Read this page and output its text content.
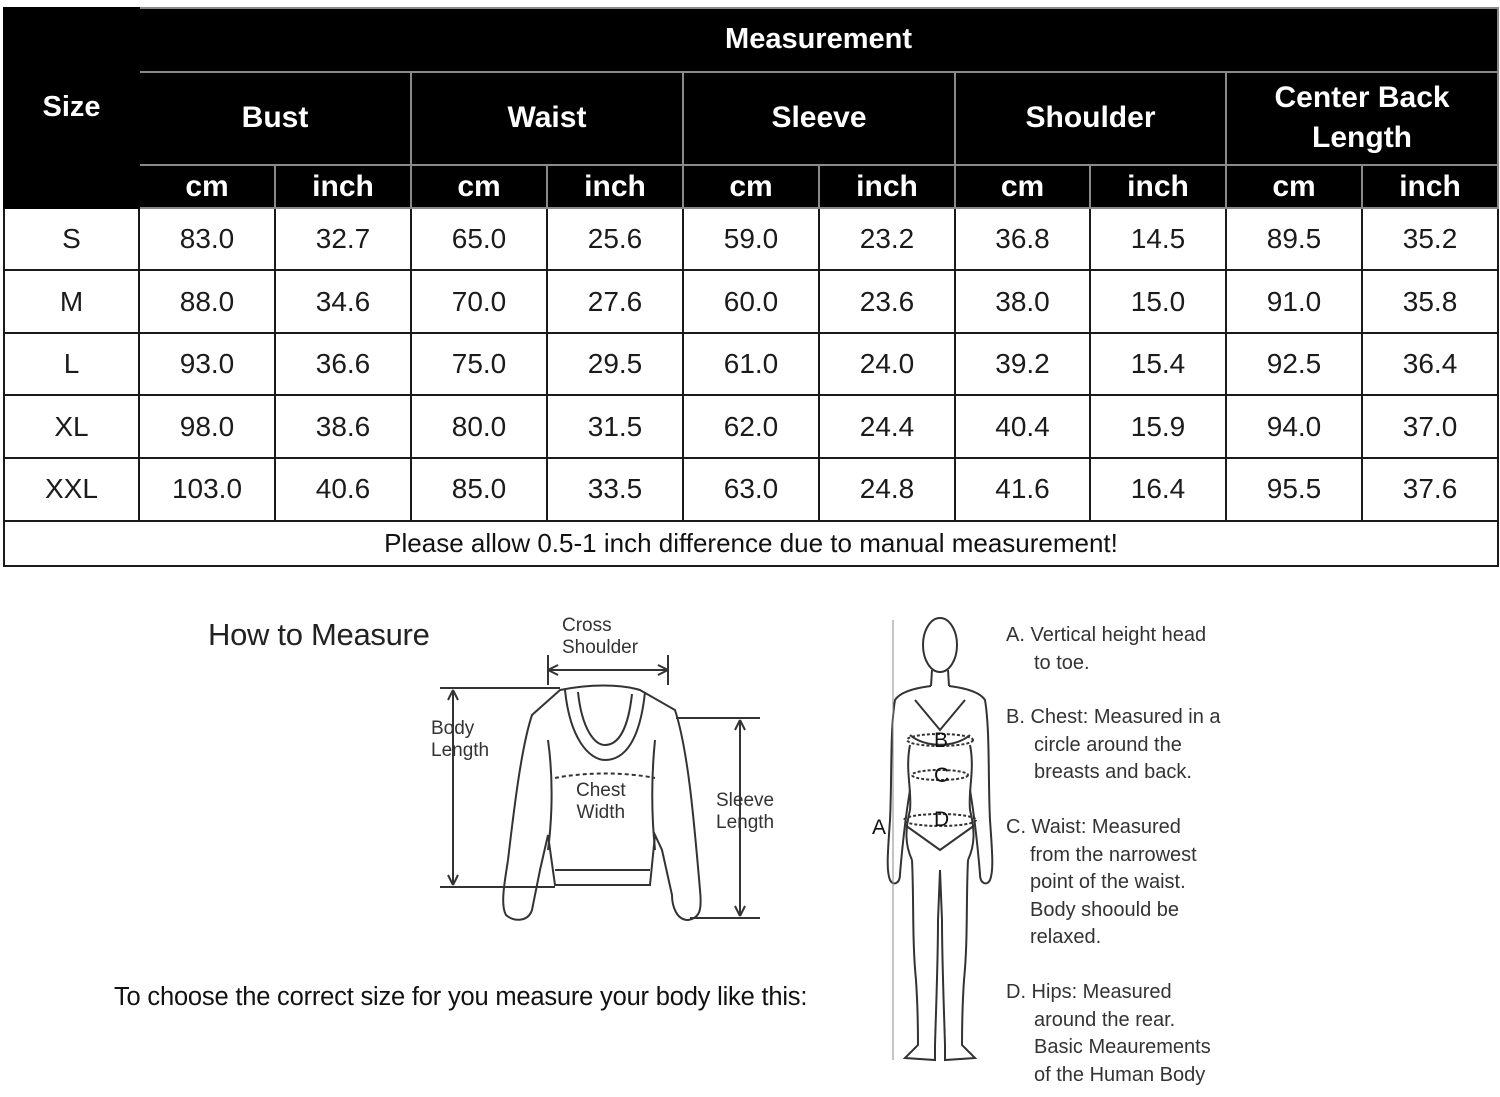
Size	Measurement									
	Bust		Waist		Sleeve		Shoulder		Center Back Length	
	cm	inch	cm	inch	cm	inch	cm	inch	cm	inch
S	83.0	32.7	65.0	25.6	59.0	23.2	36.8	14.5	89.5	35.2
M	88.0	34.6	70.0	27.6	60.0	23.6	38.0	15.0	91.0	35.8
L	93.0	36.6	75.0	29.5	61.0	24.0	39.2	15.4	92.5	36.4
XL	98.0	38.6	80.0	31.5	62.0	24.4	40.4	15.9	94.0	37.0
XXL	103.0	40.6	85.0	33.5	63.0	24.8	41.6	16.4	95.5	37.6
Please allow 0.5-1 inch difference due to manual measurement!										
How to Measure	Cross
Shoulder
Body
Length
Chest
Width
Sleeve
Length
To choose the correct size for you measure your body like this:
B
C
D
A
A. Vertical height head
to toe.
B. Chest: Measured in a
circle around the
breasts and back.
C. Waist: Measured
from the narrowest
point of the waist.
Body shoould be
relaxed.
D. Hips: Measured
around the rear.
Basic Meaurements
of the Human Body
